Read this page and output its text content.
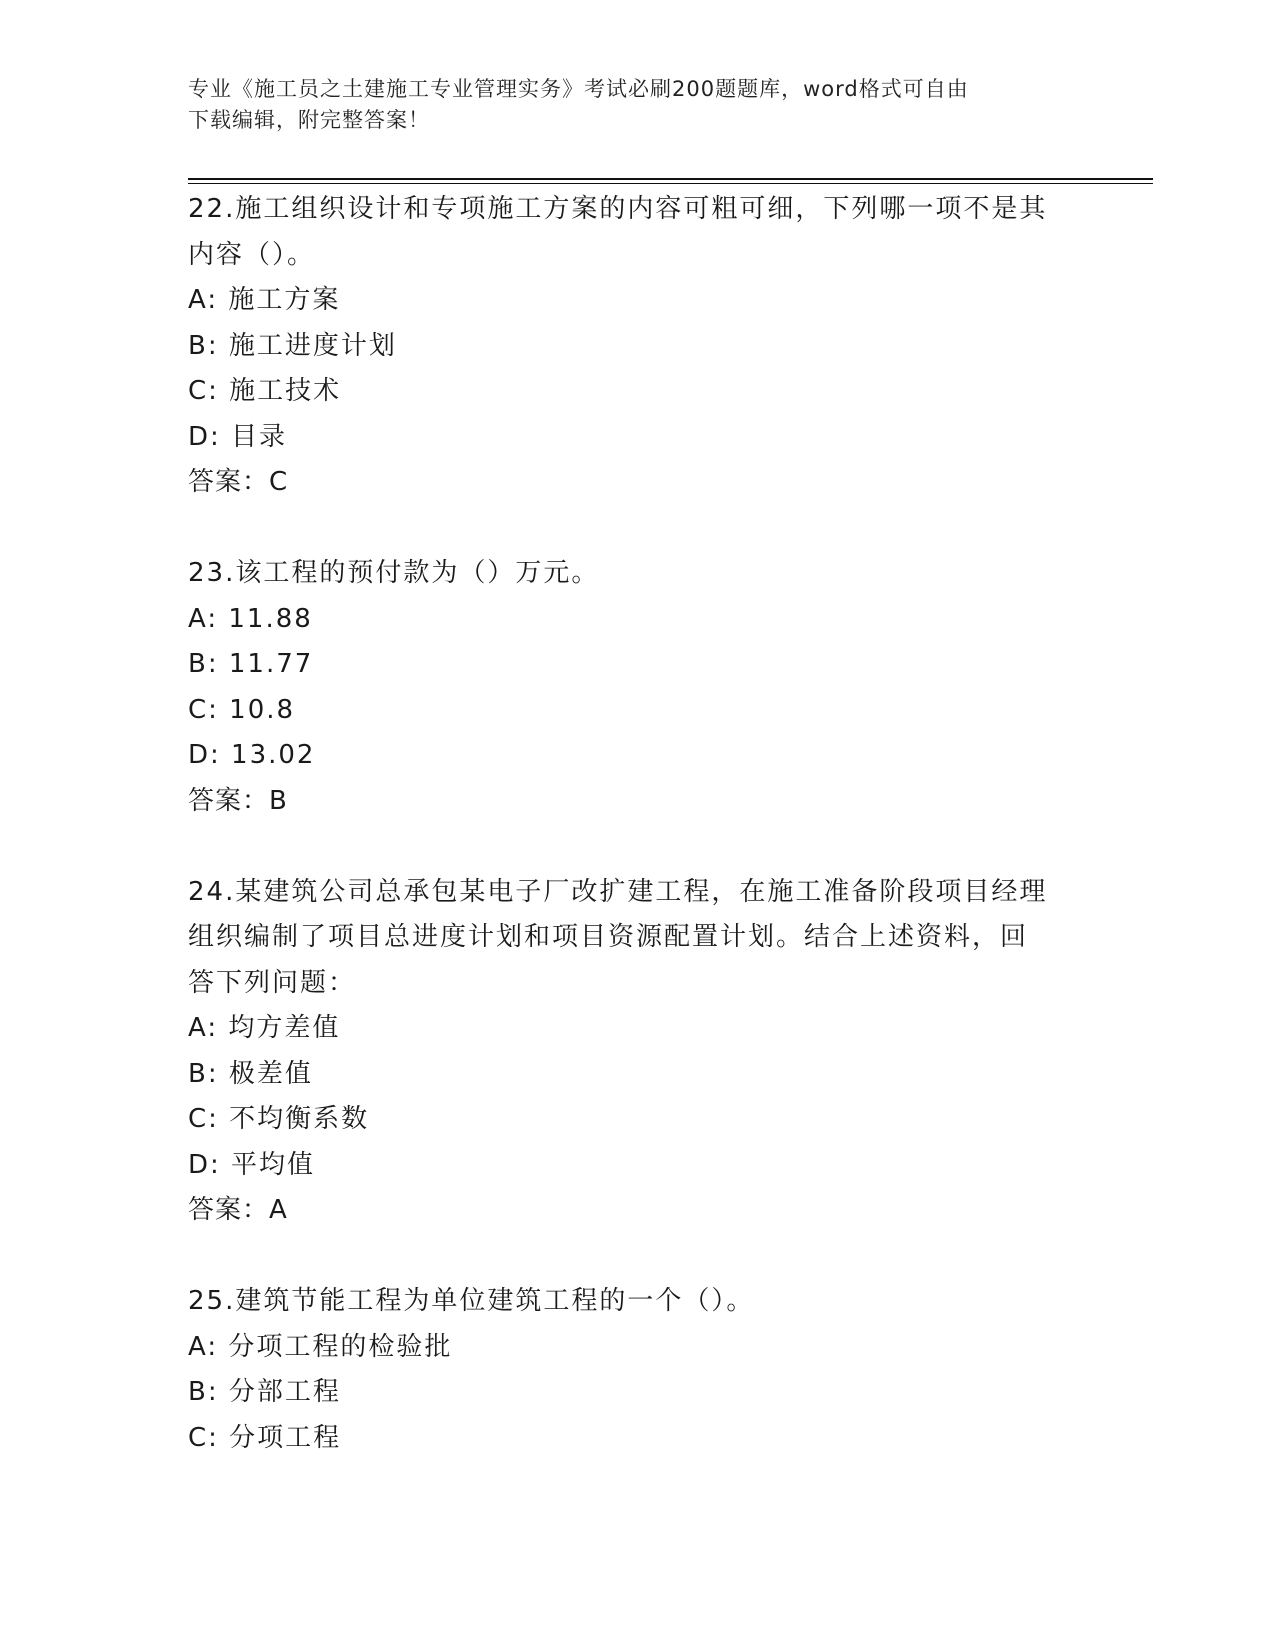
专业《施工员之土建施工专业管理实务》考试必刷200题题库，word格式可自由
下载编辑，附完整答案！

22.施工组织设计和专项施工方案的内容可粗可细，下列哪一项不是其

内容（）。

A: 施工方案

B: 施工进度计划

C: 施工技术

D: 目录

答案：C

23.该工程的预付款为（）万元。

A: 11.88

B: 11.77

C: 10.8

D: 13.02

答案：B

24.某建筑公司总承包某电子厂改扩建工程，在施工准备阶段项目经理

组织编制了项目总进度计划和项目资源配置计划。结合上述资料，回

答下列问题：

A: 均方差值

B: 极差值

C: 不均衡系数

D: 平均值

答案：A

25.建筑节能工程为单位建筑工程的一个（）。

A: 分项工程的检验批

B: 分部工程

C: 分项工程
